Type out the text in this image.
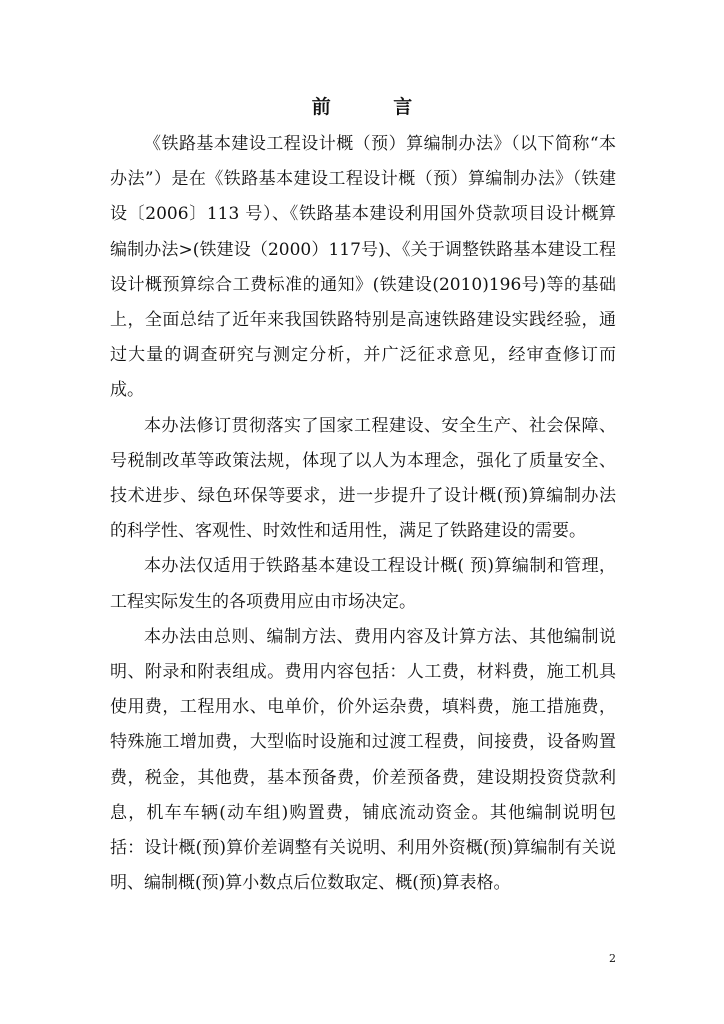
前 言

《铁路基本建设工程设计概（预）算编制办法》（以下简称“本办法”）是在《铁路基本建设工程设计概（预）算编制办法》（铁建设〔2006〕113 号）、《铁路基本建设利用国外贷款项目设计概算编制办法>(铁建设（2000）117号)、《关于调整铁路基本建设工程设计概预算综合工费标准的通知》(铁建设(2010)196号)等的基础上，全面总结了近年来我国铁路特别是高速铁路建设实践经验，通过大量的调查研究与测定分析，并广泛征求意见，经审查修订而成。

本办法修订贯彻落实了国家工程建设、安全生产、社会保障、号税制改革等政策法规，体现了以人为本理念，强化了质量安全、技术进步、绿色环保等要求，进一步提升了设计概(预)算编制办法的科学性、客观性、时效性和适用性，满足了铁路建设的需要。

本办法仅适用于铁路基本建设工程设计概( 预)算编制和管理，工程实际发生的各项费用应由市场决定。

本办法由总则、编制方法、费用内容及计算方法、其他编制说明、附录和附表组成。费用内容包括：人工费，材料费，施工机具使用费，工程用水、电单价，价外运杂费，填料费，施工措施费，特殊施工增加费，大型临时设施和过渡工程费，间接费，设备购置费，税金，其他费，基本预备费，价差预备费，建设期投资贷款利息，机车车辆(动车组)购置费，铺底流动资金。其他编制说明包括：设计概(预)算价差调整有关说明、利用外资概(预)算编制有关说明、编制概(预)算小数点后位数取定、概(预)算表格。

2
